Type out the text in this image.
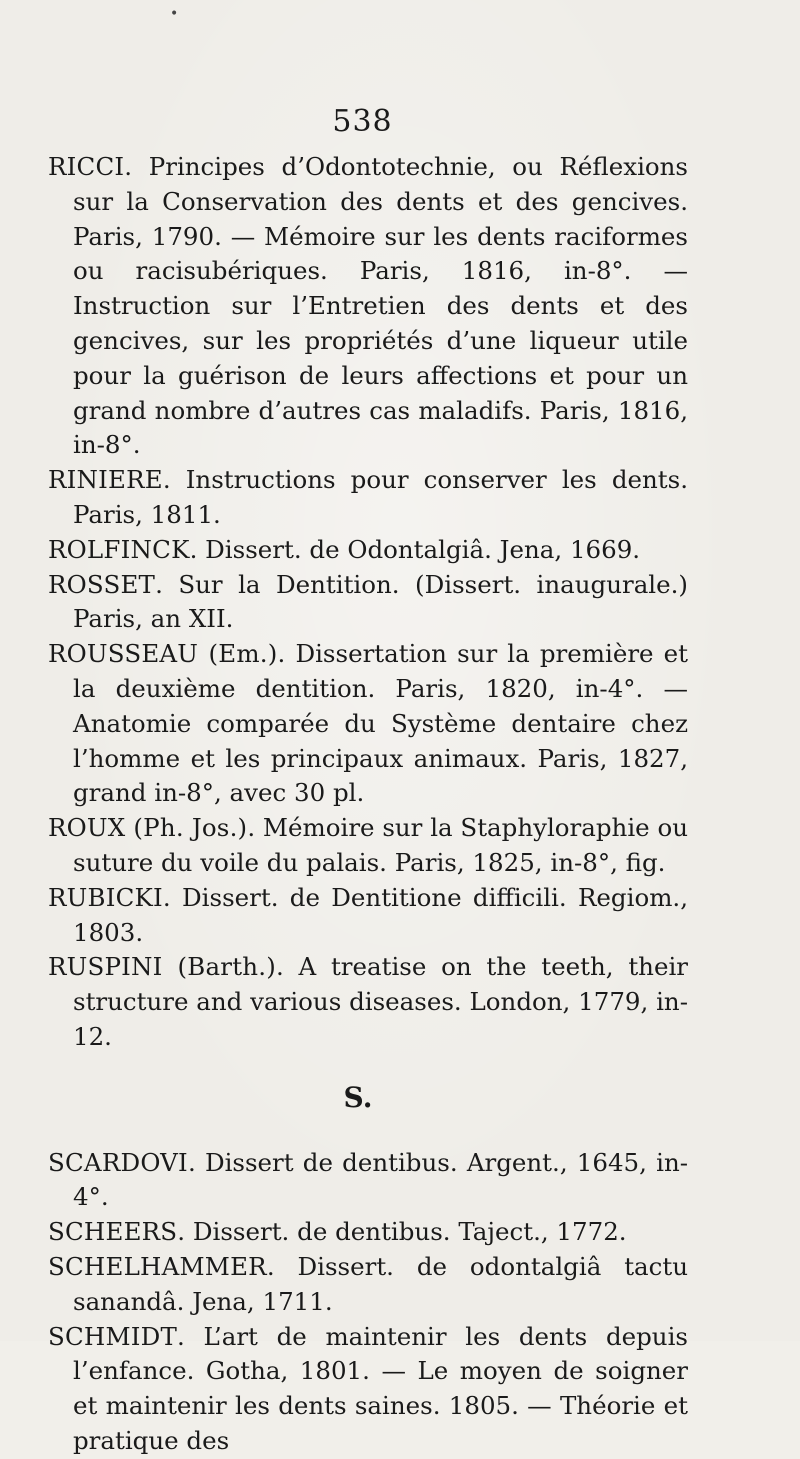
•
538

RICCI. Principes d’Odontotechnie, ou Réflexions sur la Conservation des dents et des gencives. Paris, 1790. — Mémoire sur les dents raciformes ou racisubériques. Paris, 1816, in-8°. — Instruction sur l’Entretien des dents et des gencives, sur les propriétés d’une liqueur utile pour la guérison de leurs affections et pour un grand nombre d’autres cas maladifs. Paris, 1816, in-8°.

RINIERE. Instructions pour conserver les dents. Paris, 1811.

ROLFINCK. Dissert. de Odontalgiâ. Jena, 1669.

ROSSET. Sur la Dentition. (Dissert. inaugurale.) Paris, an XII.

ROUSSEAU (Em.). Dissertation sur la première et la deuxième dentition. Paris, 1820, in-4°. — Anatomie comparée du Système dentaire chez l’homme et les principaux animaux. Paris, 1827, grand in-8°, avec 30 pl.

ROUX (Ph. Jos.). Mémoire sur la Staphyloraphie ou suture du voile du palais. Paris, 1825, in-8°, fig.

RUBICKI. Dissert. de Dentitione difficili. Regiom., 1803.

RUSPINI (Barth.). A treatise on the teeth, their structure and various diseases. London, 1779, in-12.

S.

SCARDOVI. Dissert de dentibus. Argent., 1645, in-4°.

SCHEERS. Dissert. de dentibus. Taject., 1772.

SCHELHAMMER. Dissert. de odontalgiâ tactu sanandâ. Jena, 1711.

SCHMIDT. L’art de maintenir les dents depuis l’enfance. Gotha, 1801. — Le moyen de soigner et maintenir les dents saines. 1805. — Théorie et pratique des
